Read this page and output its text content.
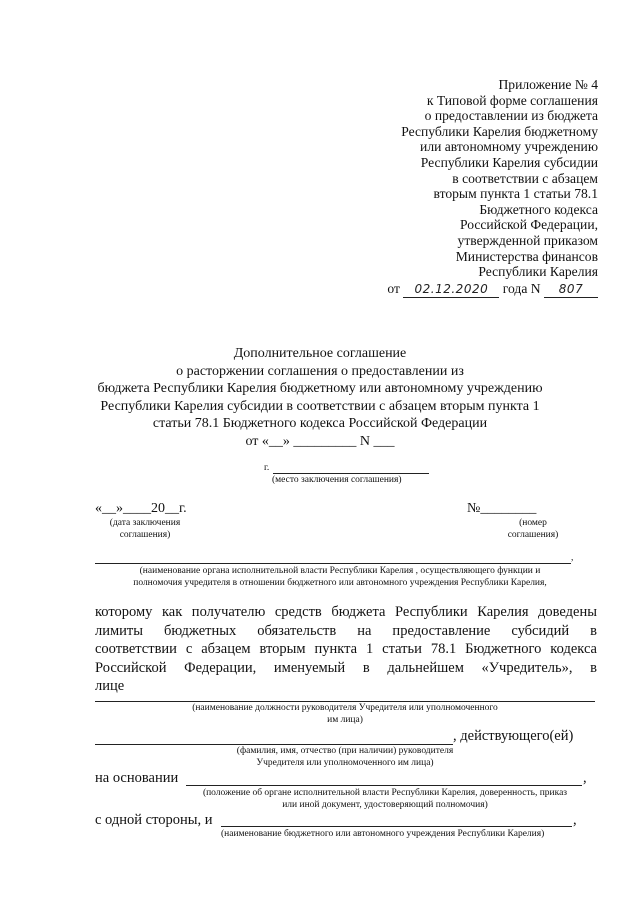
Приложение № 4
к Типовой форме соглашения
о предоставлении из бюджета
Республики Карелия бюджетному
или автономному учреждению
Республики Карелия субсидии
в соответствии с абзацем
вторым пункта 1 статьи 78.1
Бюджетного кодекса
Российской Федерации,
утвержденной приказом
Министерства финансов
Республики Карелия
от 02.12.2020 года N 807
Дополнительное соглашение
о расторжении соглашения о предоставлении из
бюджета Республики Карелия бюджетному или автономному учреждению
Республики Карелия субсидии в соответствии с абзацем вторым пункта 1
статьи 78.1 Бюджетного кодекса Российской Федерации
от «__» _________ N ___
г.
(место заключения соглашения)
«__»____20__г.
(дата заключения
соглашения)
№________
(номер
соглашения)
,
(наименование органа исполнительной власти Республики Карелия , осуществляющего функции и
полномочия учредителя в отношении бюджетного или автономного учреждения Республики Карелия,
которому как получателю средств бюджета Республики Карелия доведены
лимиты бюджетных обязательств на предоставление субсидий в
соответствии с абзацем вторым пункта 1 статьи 78.1 Бюджетного кодекса
Российской Федерации, именуемый в дальнейшем «Учредитель», в
лице
(наименование должности руководителя Учредителя или уполномоченного
им лица)
, действующего(ей)
(фамилия, имя, отчество (при наличии) руководителя
Учредителя или уполномоченного им лица)
на основании	,
(положение об органе исполнительной власти Республики Карелия, доверенность, приказ
или иной документ, удостоверяющий полномочия)
с одной стороны, и	,
(наименование бюджетного или автономного учреждения Республики Карелия)
